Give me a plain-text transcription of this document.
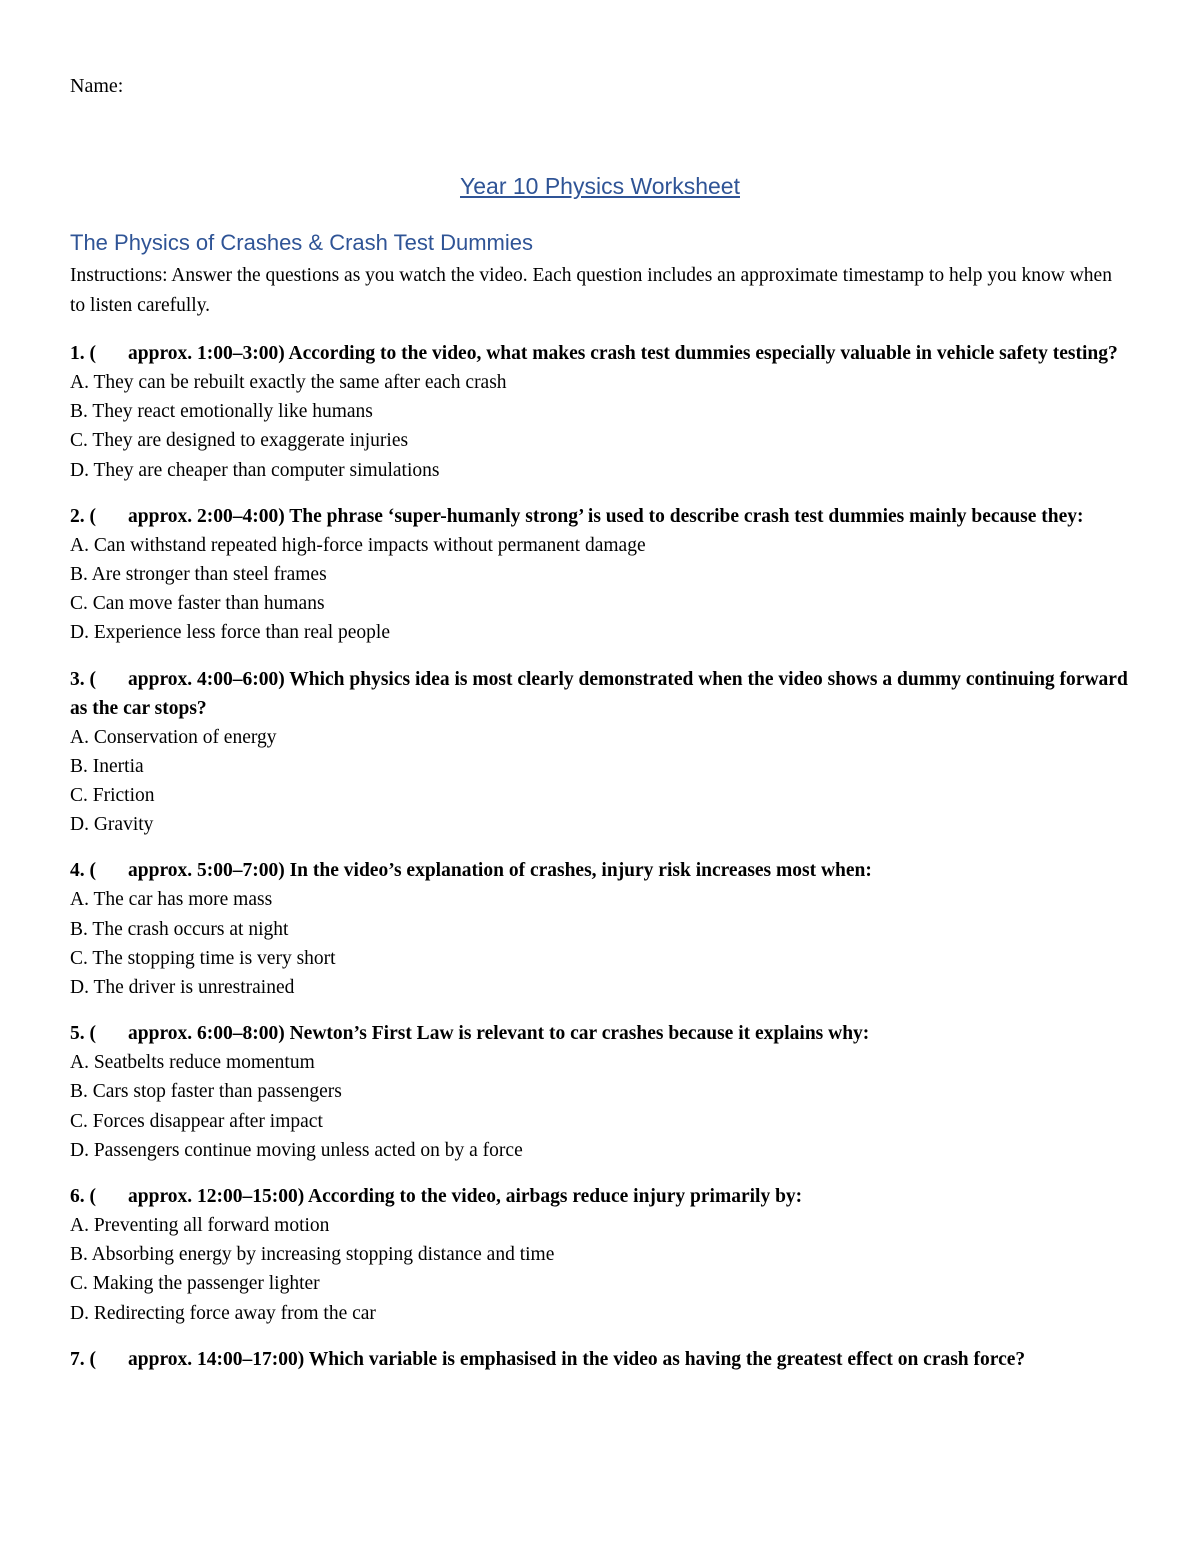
Name:
Year 10 Physics Worksheet
The Physics of Crashes & Crash Test Dummies
Instructions: Answer the questions as you watch the video. Each question includes an approximate timestamp to help you know when to listen carefully.
1. ( approx. 1:00–3:00) According to the video, what makes crash test dummies especially valuable in vehicle safety testing?
A. They can be rebuilt exactly the same after each crash
B. They react emotionally like humans
C. They are designed to exaggerate injuries
D. They are cheaper than computer simulations
2. ( approx. 2:00–4:00) The phrase ‘super-humanly strong’ is used to describe crash test dummies mainly because they:
A. Can withstand repeated high-force impacts without permanent damage
B. Are stronger than steel frames
C. Can move faster than humans
D. Experience less force than real people
3. ( approx. 4:00–6:00) Which physics idea is most clearly demonstrated when the video shows a dummy continuing forward as the car stops?
A. Conservation of energy
B. Inertia
C. Friction
D. Gravity
4. ( approx. 5:00–7:00) In the video’s explanation of crashes, injury risk increases most when:
A. The car has more mass
B. The crash occurs at night
C. The stopping time is very short
D. The driver is unrestrained
5. ( approx. 6:00–8:00) Newton’s First Law is relevant to car crashes because it explains why:
A. Seatbelts reduce momentum
B. Cars stop faster than passengers
C. Forces disappear after impact
D. Passengers continue moving unless acted on by a force
6. ( approx. 12:00–15:00) According to the video, airbags reduce injury primarily by:
A. Preventing all forward motion
B. Absorbing energy by increasing stopping distance and time
C. Making the passenger lighter
D. Redirecting force away from the car
7. ( approx. 14:00–17:00) Which variable is emphasised in the video as having the greatest effect on crash force?
